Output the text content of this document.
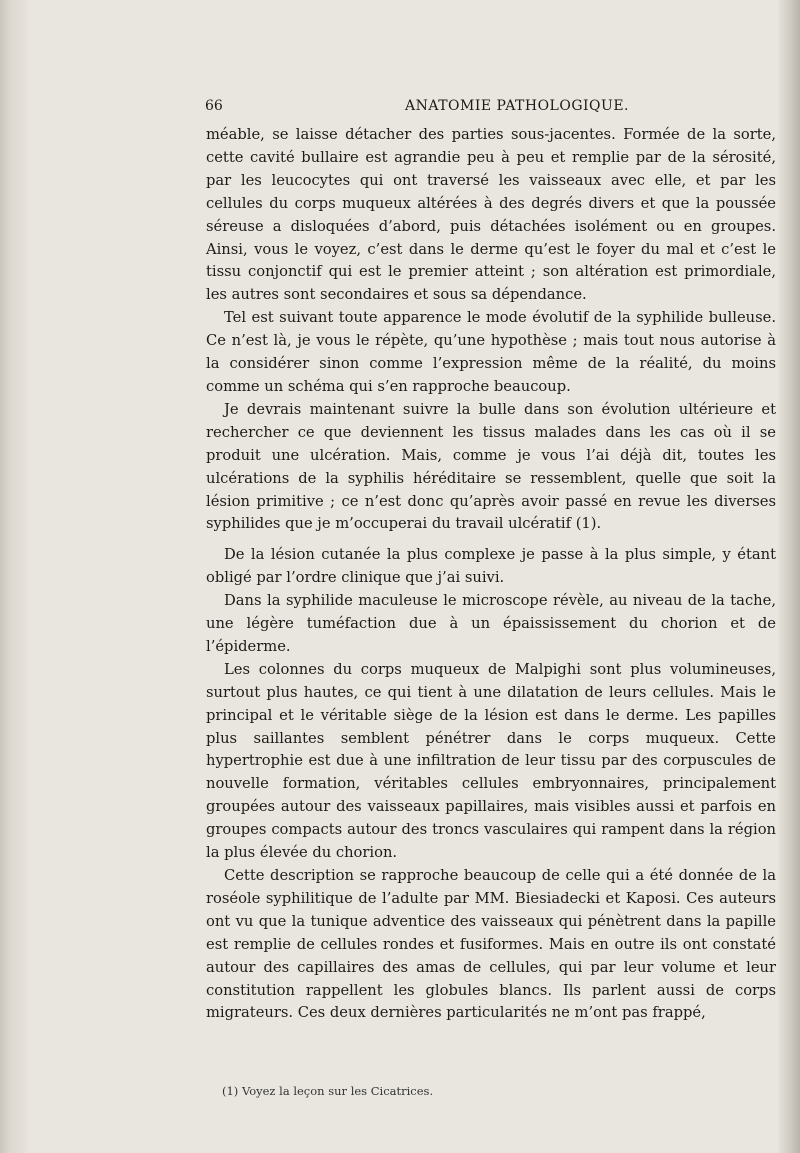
66	ANATOMIE PATHOLOGIQUE.

méable, se laisse détacher des parties sous-jacentes. Formée de la sorte, cette cavité bullaire est agrandie peu à peu et remplie par de la sérosité, par les leucocytes qui ont traversé les vaisseaux avec elle, et par les cellules du corps muqueux altérées à des degrés divers et que la poussée séreuse a disloquées d’abord, puis détachées isolément ou en groupes. Ainsi, vous le voyez, c’est dans le derme qu’est le foyer du mal et c’est le tissu conjonctif qui est le premier atteint ; son altération est primordiale, les autres sont secondaires et sous sa dépendance.

Tel est suivant toute apparence le mode évolutif de la syphilide bulleuse. Ce n’est là, je vous le répète, qu’une hypothèse ; mais tout nous autorise à la considérer sinon comme l’expression même de la réalité, du moins comme un schéma qui s’en rapproche beaucoup.

Je devrais maintenant suivre la bulle dans son évolution ultérieure et rechercher ce que deviennent les tissus malades dans les cas où il se produit une ulcération. Mais, comme je vous l’ai déjà dit, toutes les ulcérations de la syphilis héréditaire se ressemblent, quelle que soit la lésion primitive ; ce n’est donc qu’après avoir passé en revue les diverses syphilides que je m’occuperai du travail ulcératif (1).

De la lésion cutanée la plus complexe je passe à la plus simple, y étant obligé par l’ordre clinique que j’ai suivi.

Dans la syphilide maculeuse le microscope révèle, au niveau de la tache, une légère tuméfaction due à un épaississement du chorion et de l’épiderme.

Les colonnes du corps muqueux de Malpighi sont plus volumineuses, surtout plus hautes, ce qui tient à une dilatation de leurs cellules. Mais le principal et le véritable siège de la lésion est dans le derme. Les papilles plus saillantes semblent pénétrer dans le corps muqueux. Cette hypertrophie est due à une infiltration de leur tissu par des corpuscules de nouvelle formation, véritables cellules embryonnaires, principalement groupées autour des vaisseaux papillaires, mais visibles aussi et parfois en groupes compacts autour des troncs vasculaires qui rampent dans la région la plus élevée du chorion.

Cette description se rapproche beaucoup de celle qui a été donnée de la roséole syphilitique de l’adulte par MM. Biesiadecki et Kaposi. Ces auteurs ont vu que la tunique adventice des vaisseaux qui pénètrent dans la papille est remplie de cellules rondes et fusiformes. Mais en outre ils ont constaté autour des capillaires des amas de cellules, qui par leur volume et leur constitution rappellent les globules blancs. Ils parlent aussi de corps migrateurs. Ces deux dernières particularités ne m’ont pas frappé,

(1) Voyez la leçon sur les Cicatrices.
